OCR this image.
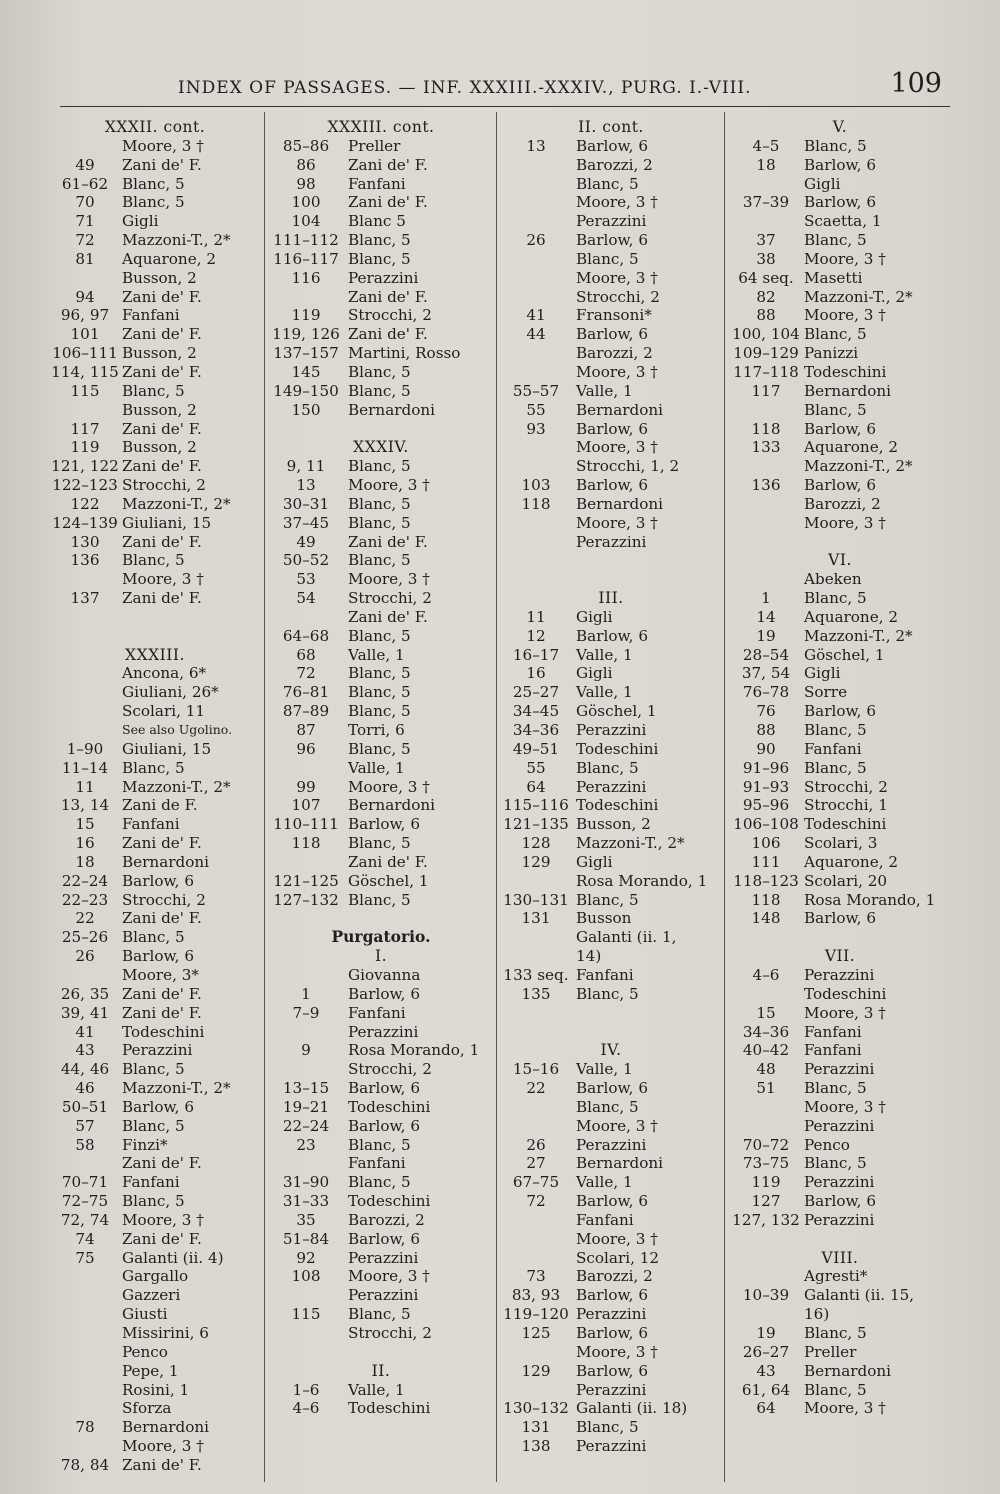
INDEX OF PASSAGES. — INF. XXXIII.-XXXIV., PURG. I.-VIII.	109
XXXII. cont.
Moore, 3 †
49	Zani de' F.
61–62 Blanc, 5
70	Blanc, 5
71	Gigli
72	Mazzoni-T., 2*
81	Aquarone, 2
Busson, 2
94	Zani de' F.
96, 97 Fanfani
101	Zani de' F.
106–111 Busson, 2
114, 115 Zani de' F.
115	Blanc, 5
Busson, 2
117	Zani de' F.
119	Busson, 2
121, 122 Zani de' F.
122–123 Strocchi, 2
122	Mazzoni-T., 2*
124–139 Giuliani, 15
130	Zani de' F.
136	Blanc, 5
Moore, 3 †
137	Zani de' F.
XXXIII.
Ancona, 6*
Giuliani, 26*
Scolari, 11
See also Ugolino.
1–90	Giuliani, 15
11–14 Blanc, 5
11	Mazzoni-T., 2*
13, 14 Zani de F.
15	Fanfani
16	Zani de' F.
18	Bernardoni
22–24 Barlow, 6
22–23 Strocchi, 2
22	Zani de' F.
25–26 Blanc, 5
26	Barlow, 6
Moore, 3*
26, 35 Zani de' F.
39, 41 Zani de' F.
41	Todeschini
43	Perazzini
44, 46 Blanc, 5
46	Mazzoni-T., 2*
50–51 Barlow, 6
57	Blanc, 5
58	Finzi*
Zani de' F.
70–71 Fanfani
72–75 Blanc, 5
72, 74 Moore, 3 †
74	Zani de' F.
75	Galanti (ii. 4)
Gargallo
Gazzeri
Giusti
Missirini, 6
Penco
Pepe, 1
Rosini, 1
Sforza
78	Bernardoni
Moore, 3 †
78, 84 Zani de' F.
XXXIII. cont.
85–86	Preller
86	Zani de' F.
98	Fanfani
100	Zani de' F.
104	Blanc 5
111–112 Blanc, 5
116–117 Blanc, 5
116	Perazzini
Zani de' F.
119	Strocchi, 2
119, 126 Zani de' F.
137–157 Martini, Rosso
145	Blanc, 5
149–150 Blanc, 5
150	Bernardoni
XXXIV.
9, 11	Blanc, 5
13	Moore, 3 †
30–31	Blanc, 5
37–45	Blanc, 5
49	Zani de' F.
50–52	Blanc, 5
53	Moore, 3 †
54	Strocchi, 2
Zani de' F.
64–68	Blanc, 5
68	Valle, 1
72	Blanc, 5
76–81	Blanc, 5
87–89	Blanc, 5
87	Torri, 6
96	Blanc, 5
Valle, 1
99	Moore, 3 †
107	Bernardoni
110–111 Barlow, 6
118	Blanc, 5
Zani de' F.
121–125 Göschel, 1
127–132 Blanc, 5
Purgatorio.
I.
Giovanna
1	Barlow, 6
7–9	Fanfani
Perazzini
9	Rosa Morando, 1
Strocchi, 2
13–15	Barlow, 6
19–21	Todeschini
22–24	Barlow, 6
23	Blanc, 5
Fanfani
31–90	Blanc, 5
31–33	Todeschini
35	Barozzi, 2
51–84	Barlow, 6
92	Perazzini
108	Moore, 3 †
Perazzini
115	Blanc, 5
Strocchi, 2
II.
1–6	Valle, 1
4–6	Todeschini
II. cont.
13	Barlow, 6
Barozzi, 2
Blanc, 5
Moore, 3 †
Perazzini
26	Barlow, 6
Blanc, 5
Moore, 3 †
Strocchi, 2
41	Fransoni*
44	Barlow, 6
Barozzi, 2
Moore, 3 †
55–57	Valle, 1
55	Bernardoni
93	Barlow, 6
Moore, 3 †
Strocchi, 1, 2
103	Barlow, 6
118	Bernardoni
Moore, 3 †
Perazzini
III.
11	Gigli
12	Barlow, 6
16–17	Valle, 1
16	Gigli
25–27	Valle, 1
34–45	Göschel, 1
34–36	Perazzini
49–51	Todeschini
55	Blanc, 5
64	Perazzini
115–116 Todeschini
121–135 Busson, 2
128	Mazzoni-T., 2*
129	Gigli
Rosa Morando, 1
130–131 Blanc, 5
131	Busson
Galanti (ii. 1,
14)
133 seq. Fanfani
135	Blanc, 5
IV.
15–16	Valle, 1
22	Barlow, 6
Blanc, 5
Moore, 3 †
26	Perazzini
27	Bernardoni
67–75	Valle, 1
72	Barlow, 6
Fanfani
Moore, 3 †
Scolari, 12
73	Barozzi, 2
83, 93	Barlow, 6
119–120 Perazzini
125	Barlow, 6
Moore, 3 †
129	Barlow, 6
Perazzini
130–132 Galanti (ii. 18)
131	Blanc, 5
138	Perazzini
V.
4–5	Blanc, 5
18	Barlow, 6
Gigli
37–39 Barlow, 6
Scaetta, 1
37	Blanc, 5
38	Moore, 3 †
64 seq. Masetti
82	Mazzoni-T., 2*
88	Moore, 3 †
100, 104 Blanc, 5
109–129 Panizzi
117–118 Todeschini
117	Bernardoni
Blanc, 5
118	Barlow, 6
133	Aquarone, 2
Mazzoni-T., 2*
136	Barlow, 6
Barozzi, 2
Moore, 3 †
VI.
Abeken
1	Blanc, 5
14	Aquarone, 2
19	Mazzoni-T., 2*
28–54 Göschel, 1
37, 54 Gigli
76–78 Sorre
76	Barlow, 6
88	Blanc, 5
90	Fanfani
91–96 Blanc, 5
91–93 Strocchi, 2
95–96 Strocchi, 1
106–108 Todeschini
106	Scolari, 3
111	Aquarone, 2
118–123 Scolari, 20
118	Rosa Morando, 1
148	Barlow, 6
VII.
4–6	Perazzini
Todeschini
15	Moore, 3 †
34–36 Fanfani
40–42 Fanfani
48	Perazzini
51	Blanc, 5
Moore, 3 †
Perazzini
70–72 Penco
73–75 Blanc, 5
119	Perazzini
127	Barlow, 6
127, 132 Perazzini
VIII.
Agresti*
10–39 Galanti (ii. 15,
16)
19	Blanc, 5
26–27 Preller
43	Bernardoni
61, 64 Blanc, 5
64	Moore, 3 †
